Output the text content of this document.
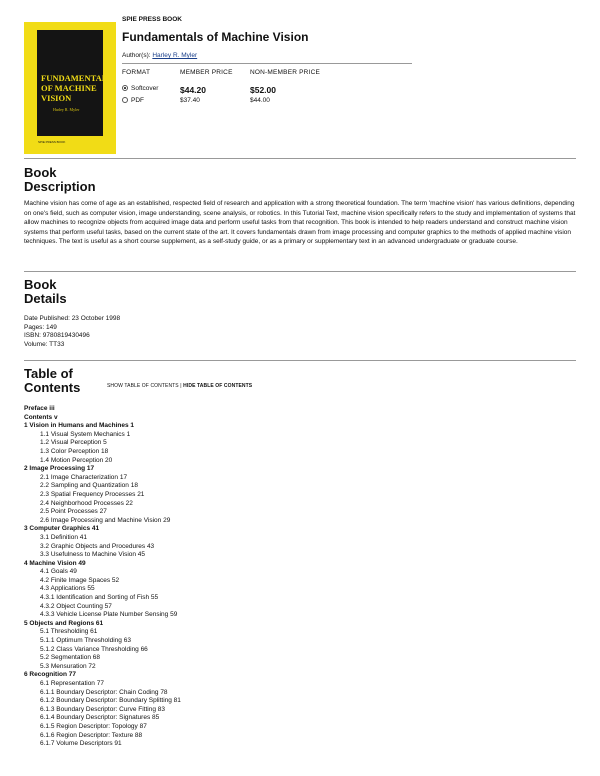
FUNDAMENTALS OF MACHINE VISION
Harley R. Myler
SPIE PRESS BOOK

SPIE PRESS BOOK

Fundamentals of Machine Vision

Author(s): Harley R. Myler
FORMAT	MEMBER PRICE	NON-MEMBER PRICE
Softcover	$44.20	$52.00
PDF	$37.40	$44.00
Book
Description

Machine vision has come of age as an established, respected field of research and application with a strong theoretical foundation. The term 'machine vision' has various definitions, depending on one's field, such as computer vision, image understanding, scene analysis, or robotics. In this Tutorial Text, machine vision specifically refers to the study and implementation of systems that allow machines to recognize objects from acquired image data and perform useful tasks from that recognition. This book is intended to help readers understand and construct machine vision systems that perform useful tasks, based on the current state of the art. It covers fundamentals drawn from image processing and computer graphics to the methods of applied machine vision techniques. The text is useful as a short course supplement, as a self-study guide, or as a primary or supplementary text in an advanced undergraduate or graduate course.

Book
Details
Date Published: 23 October 1998
Pages: 149
ISBN: 9780819430496
Volume: TT33
Table of
Contents	SHOW TABLE OF CONTENTS | HIDE TABLE OF CONTENTS
Preface iii
Contents v
1 Vision in Humans and Machines 1
1.1 Visual System Mechanics 1
1.2 Visual Perception 5
1.3 Color Perception 18
1.4 Motion Perception 20
2 Image Processing 17
2.1 Image Characterization 17
2.2 Sampling and Quantization 18
2.3 Spatial Frequency Processes 21
2.4 Neighborhood Processes 22
2.5 Point Processes 27
2.6 Image Processing and Machine Vision 29
3 Computer Graphics 41
3.1 Definition 41
3.2 Graphic Objects and Procedures 43
3.3 Usefulness to Machine Vision 45
4 Machine Vision 49
4.1 Goals 49
4.2 Finite Image Spaces 52
4.3 Applications 55
4.3.1 Identification and Sorting of Fish 55
4.3.2 Object Counting 57
4.3.3 Vehicle License Plate Number Sensing 59
5 Objects and Regions 61
5.1 Thresholding 61
5.1.1 Optimum Thresholding 63
5.1.2 Class Variance Thresholding 66
5.2 Segmentation 68
5.3 Mensuration 72
6 Recognition 77
6.1 Representation 77
6.1.1 Boundary Descriptor: Chain Coding 78
6.1.2 Boundary Descriptor: Boundary Splitting 81
6.1.3 Boundary Descriptor: Curve Fitting 83
6.1.4 Boundary Descriptor: Signatures 85
6.1.5 Region Descriptor: Topology 87
6.1.6 Region Descriptor: Texture 88
6.1.7 Volume Descriptors 91
